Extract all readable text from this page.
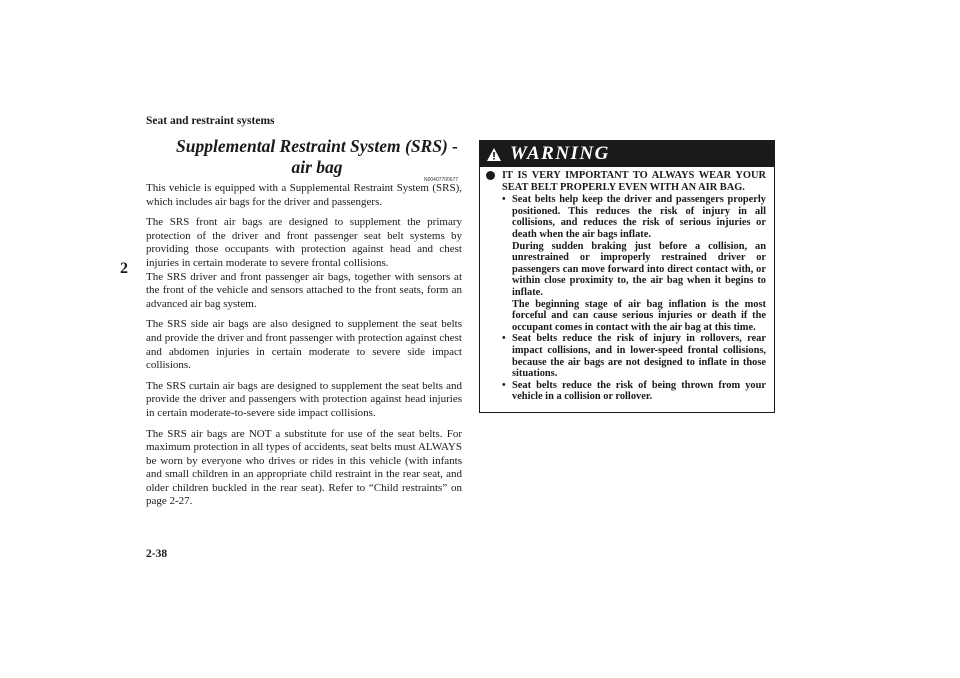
Seat and restraint systems
2
Supplemental Restraint System (SRS) - air bag
N00407700677

This vehicle is equipped with a Supplemental Restraint System (SRS), which includes air bags for the driver and passengers.

The SRS front air bags are designed to supplement the primary protection of the driver and front passenger seat belt systems by providing those occupants with protection against head and chest injuries in certain moderate to severe frontal collisions.

The SRS driver and front passenger air bags, together with sensors at the front of the vehicle and sensors attached to the front seats, form an advanced air bag system.

The SRS side air bags are also designed to supplement the seat belts and provide the driver and front passenger with protection against chest and abdomen injuries in certain moderate to severe side impact collisions.

The SRS curtain air bags are designed to supplement the seat belts and provide the driver and passengers with protection against head injuries in certain moderate-to-severe side impact collisions.

The SRS air bags are NOT a substitute for use of the seat belts. For maximum protection in all types of accidents, seat belts must ALWAYS be worn by everyone who drives or rides in this vehicle (with infants and small children in an appropriate child restraint in the rear seat, and older children buckled in the rear seat). Refer to “Child restraints” on page 2-27.

WARNING
IT IS VERY IMPORTANT TO ALWAYS WEAR YOUR SEAT BELT PROPERLY EVEN WITH AN AIR BAG.
• Seat belts help keep the driver and passengers properly positioned. This reduces the risk of injury in all collisions, and reduces the risk of serious injuries or death when the air bags inflate.
During sudden braking just before a collision, an unrestrained or improperly restrained driver or passengers can move forward into direct contact with, or within close proximity to, the air bag when it begins to inflate.
The beginning stage of air bag inflation is the most forceful and can cause serious injuries or death if the occupant comes in contact with the air bag at this time.
• Seat belts reduce the risk of injury in rollovers, rear impact collisions, and in lower-speed frontal collisions, because the air bags are not designed to inflate in those situations.
• Seat belts reduce the risk of being thrown from your vehicle in a collision or rollover.
2-38
